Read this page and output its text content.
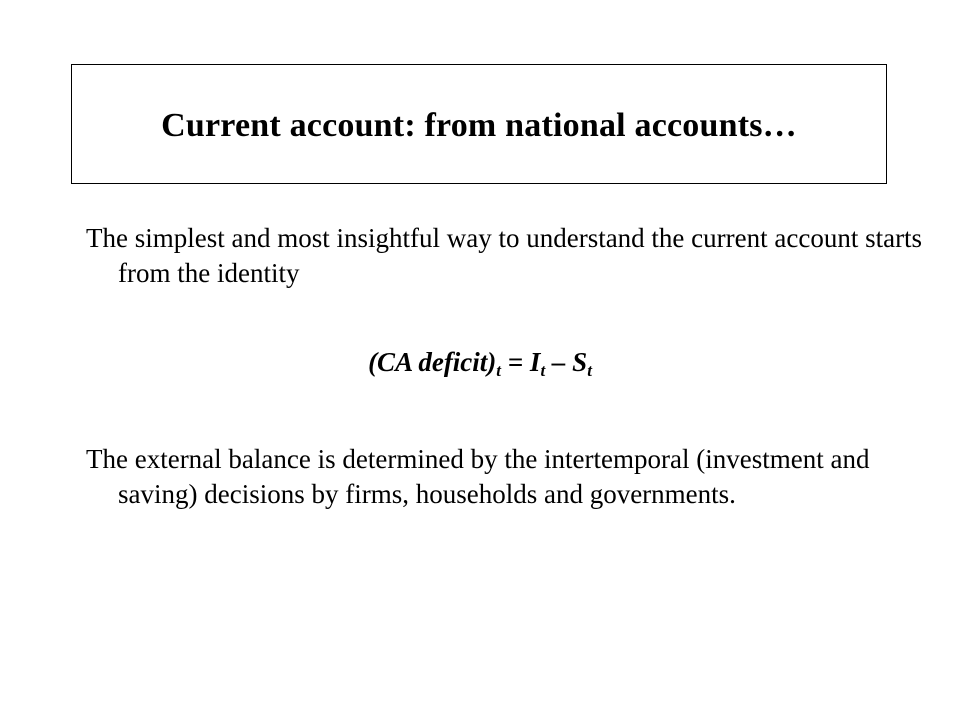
Current account: from national accounts…

The simplest and most insightful way to understand the current account starts from the identity

(CA $deficit)_t = I_t - S_t$

The external balance is determined by the intertemporal (investment and saving) decisions by firms, households and governments.
